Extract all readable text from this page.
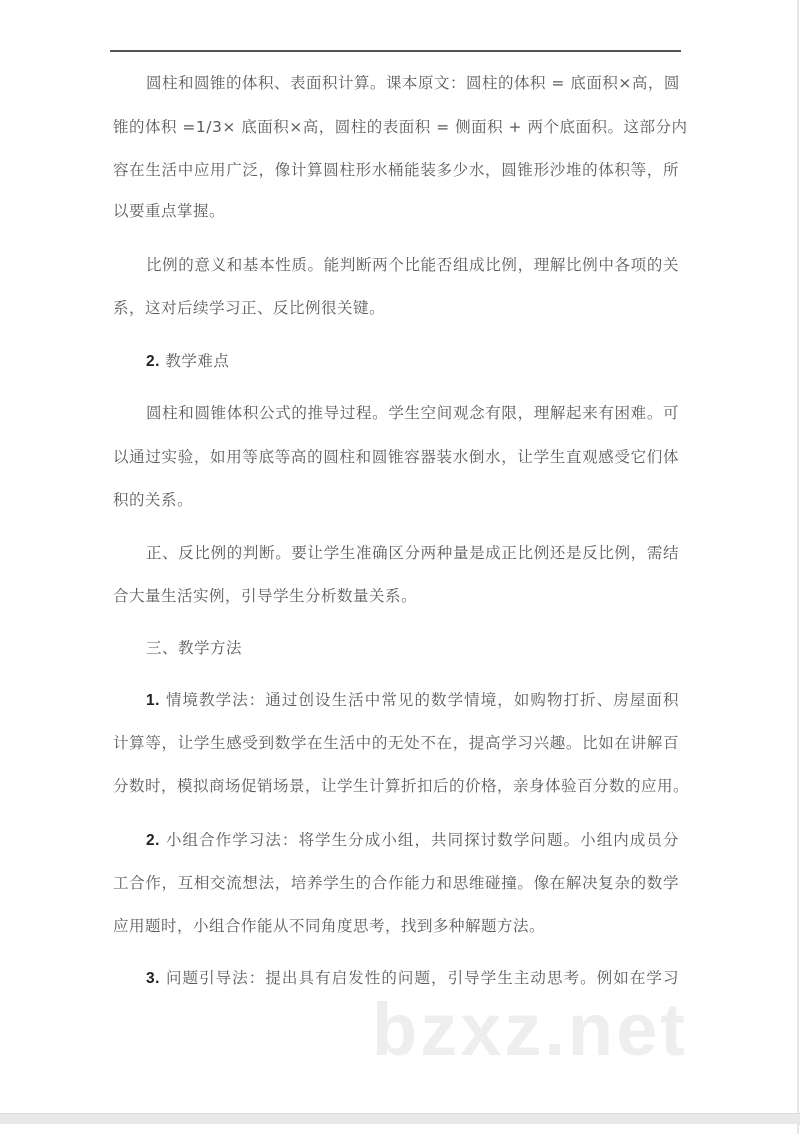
圆柱和圆锥的体积、表面积计算。课本原文：圆柱的体积 = 底面积×高，圆
锥的体积 =1/3× 底面积×高，圆柱的表面积 = 侧面积 + 两个底面积。这部分内
容在生活中应用广泛，像计算圆柱形水桶能装多少水，圆锥形沙堆的体积等，所
以要重点掌握。
比例的意义和基本性质。能判断两个比能否组成比例，理解比例中各项的关
系，这对后续学习正、反比例很关键。
2. 教学难点
圆柱和圆锥体积公式的推导过程。学生空间观念有限，理解起来有困难。可
以通过实验，如用等底等高的圆柱和圆锥容器装水倒水，让学生直观感受它们体
积的关系。
正、反比例的判断。要让学生准确区分两种量是成正比例还是反比例，需结
合大量生活实例，引导学生分析数量关系。
三、教学方法
1. 情境教学法：通过创设生活中常见的数学情境，如购物打折、房屋面积
计算等，让学生感受到数学在生活中的无处不在，提高学习兴趣。比如在讲解百
分数时，模拟商场促销场景，让学生计算折扣后的价格，亲身体验百分数的应用。
2. 小组合作学习法：将学生分成小组，共同探讨数学问题。小组内成员分
工合作，互相交流想法，培养学生的合作能力和思维碰撞。像在解决复杂的数学
应用题时，小组合作能从不同角度思考，找到多种解题方法。
3. 问题引导法：提出具有启发性的问题，引导学生主动思考。例如在学习
bzxz.net
